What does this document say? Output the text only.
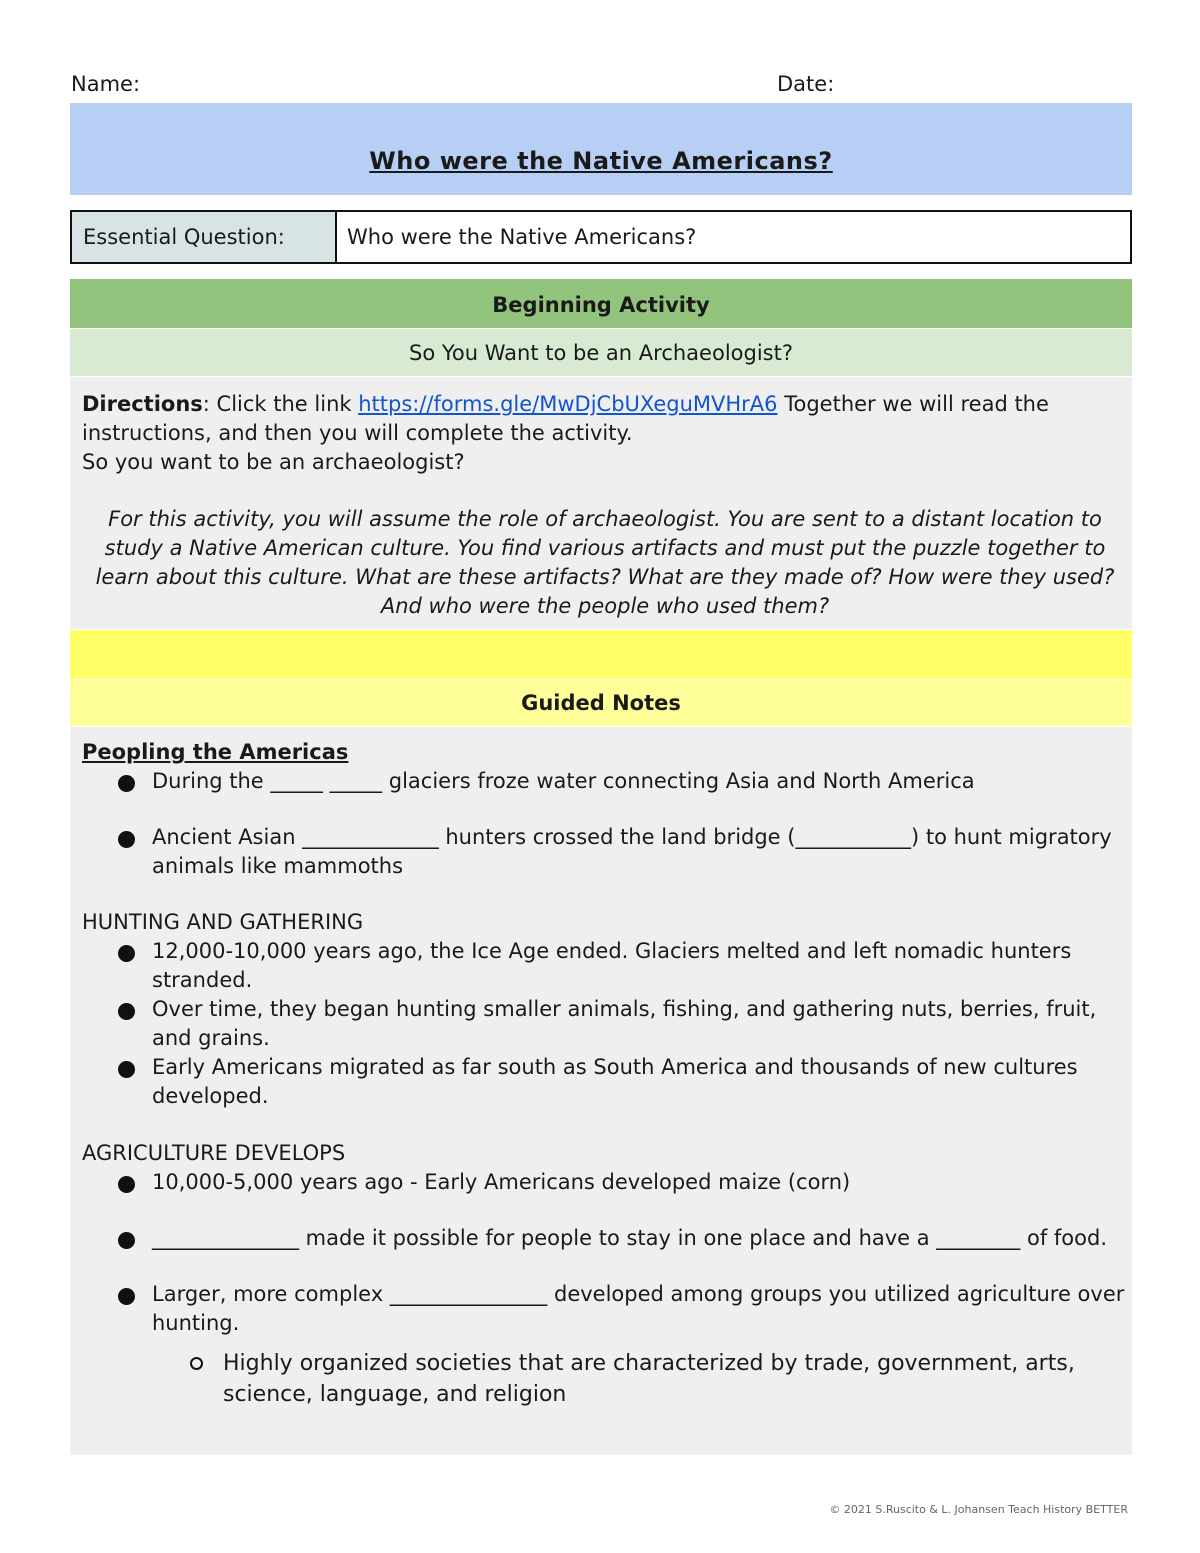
Name:	Date:
Who were the Native Americans?
Essential Question:	Who were the Native Americans?
Beginning Activity
So You Want to be an Archaeologist?
Directions: Click the link https://forms.gle/MwDjCbUXeguMVHrA6 Together we will read the instructions, and then you will complete the activity.
So you want to be an archaeologist?
For this activity, you will assume the role of archaeologist. You are sent to a distant location to study a Native American culture. You find various artifacts and must put the puzzle together to learn about this culture. What are these artifacts? What are they made of? How were they used? And who were the people who used them?
Guided Notes
Peopling the Americas
During the _____ _____ glaciers froze water connecting Asia and North America
Ancient Asian _____________ hunters crossed the land bridge (___________) to hunt migratory animals like mammoths
HUNTING AND GATHERING
12,000-10,000 years ago, the Ice Age ended. Glaciers melted and left nomadic hunters stranded.
Over time, they began hunting smaller animals, fishing, and gathering nuts, berries, fruit, and grains.
Early Americans migrated as far south as South America and thousands of new cultures developed.
AGRICULTURE DEVELOPS
10,000-5,000 years ago - Early Americans developed maize (corn)
______________ made it possible for people to stay in one place and have a ________ of food.
Larger, more complex _______________ developed among groups you utilized agriculture over hunting.
Highly organized societies that are characterized by trade, government, arts, science, language, and religion
© 2021 S.Ruscito & L. Johansen Teach History BETTER
